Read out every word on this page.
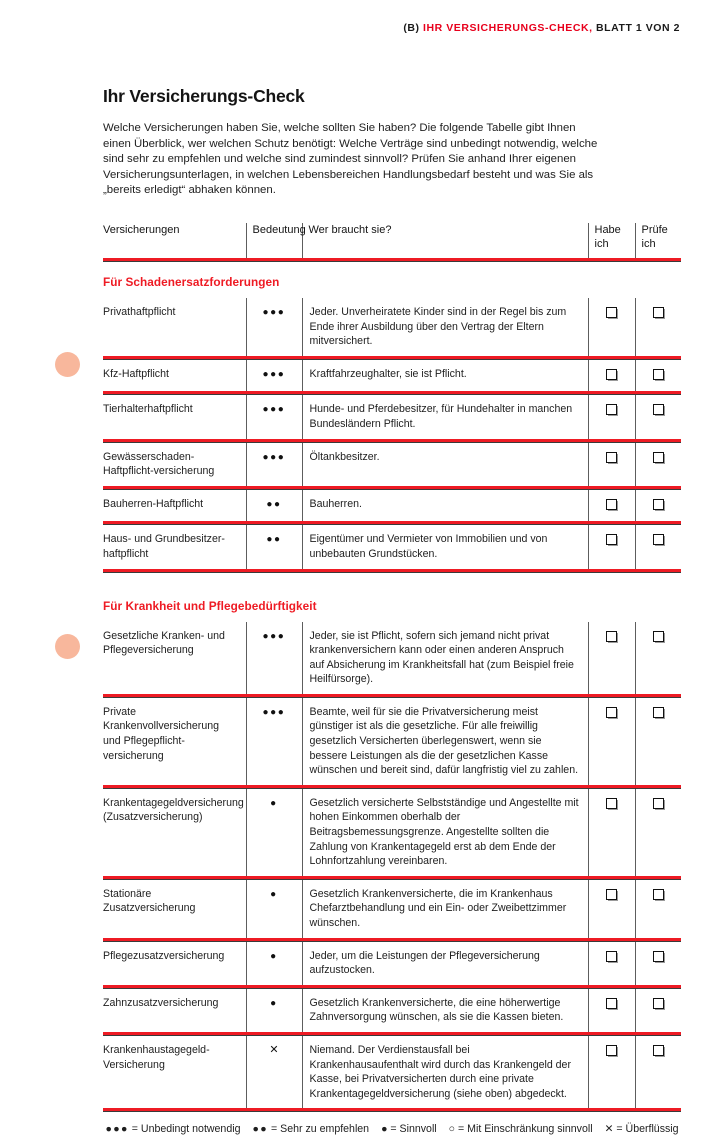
(B) IHR VERSICHERUNGS-CHECK, BLATT 1 VON 2
Ihr Versicherungs-Check

Welche Versicherungen haben Sie, welche sollten Sie haben? Die folgende Tabelle gibt Ihnen einen Überblick, wer welchen Schutz benötigt: Welche Verträge sind unbedingt notwendig, welche sind sehr zu empfehlen und welche sind zumindest sinnvoll? Prüfen Sie anhand Ihrer eigenen Versicherungsunterlagen, in welchen Lebensbereichen Handlungsbedarf besteht und was Sie als „bereits erledigt“ abhaken können.

Versicherungen	Bedeutung	Wer braucht sie?	Habe ich	Prüfe ich

Für Schadenersatzforderungen				

Privathaftpflicht	●●●	Jeder. Unverheiratete Kinder sind in der Regel bis zum Ende ihrer Ausbildung über den Vertrag der Eltern mitversichert.		

Kfz-Haftpflicht	●●●	Kraftfahrzeughalter, sie ist Pflicht.		

Tierhalterhaftpflicht	●●●	Hunde- und Pferdebesitzer, für Hundehalter in manchen Bundesländern Pflicht.		

Gewässerschaden-Haftpflicht-versicherung	●●●	Öltankbesitzer.		

Bauherren-Haftpflicht	●●	Bauherren.		

Haus- und Grundbesitzer-haftpflicht	●●	Eigentümer und Vermieter von Immobilien und von unbebauten Grundstücken.		

Für Krankheit und Pflegebedürftigkeit				

Gesetzliche Kranken- und Pflegeversicherung	●●●	Jeder, sie ist Pflicht, sofern sich jemand nicht privat krankenversichern kann oder einen anderen Anspruch auf Absicherung im Krankheitsfall hat (zum Beispiel freie Heilfürsorge).		

Private Krankenvollversicherung und Pflegepflicht-versicherung	●●●	Beamte, weil für sie die Privatversicherung meist günstiger ist als die gesetzliche. Für alle freiwillig gesetzlich Versicherten überlegenswert, wenn sie bessere Leistungen als die der gesetzlichen Kasse wünschen und bereit sind, dafür langfristig viel zu zahlen.		

Krankentagegeldversicherung (Zusatzversicherung)	●	Gesetzlich versicherte Selbstständige und Angestellte mit hohen Einkommen oberhalb der Beitragsbemessungsgrenze. Angestellte sollten die Zahlung von Krankentagegeld erst ab dem Ende der Lohnfortzahlung vereinbaren.		

Stationäre Zusatzversicherung	●	Gesetzlich Krankenversicherte, die im Krankenhaus Chefarztbehandlung und ein Ein- oder Zweibettzimmer wünschen.		

Pflegezusatzversicherung	●	Jeder, um die Leistungen der Pflegeversicherung aufzustocken.		

Zahnzusatzversicherung	●	Gesetzlich Krankenversicherte, die eine höherwertige Zahnversorgung wünschen, als sie die Kassen bieten.		

Krankenhaustagegeld-Versicherung	✕	Niemand. Der Verdienstausfall bei Krankenhausaufenthalt wird durch das Krankengeld der Kasse, bei Privatversicherten durch eine private Krankentagegeldversicherung (siehe oben) abgedeckt.		

●●● = Unbedingt notwendig ●● = Sehr zu empfehlen ● = Sinnvoll ○ = Mit Einschränkung sinnvoll ✕ = Überflüssig
